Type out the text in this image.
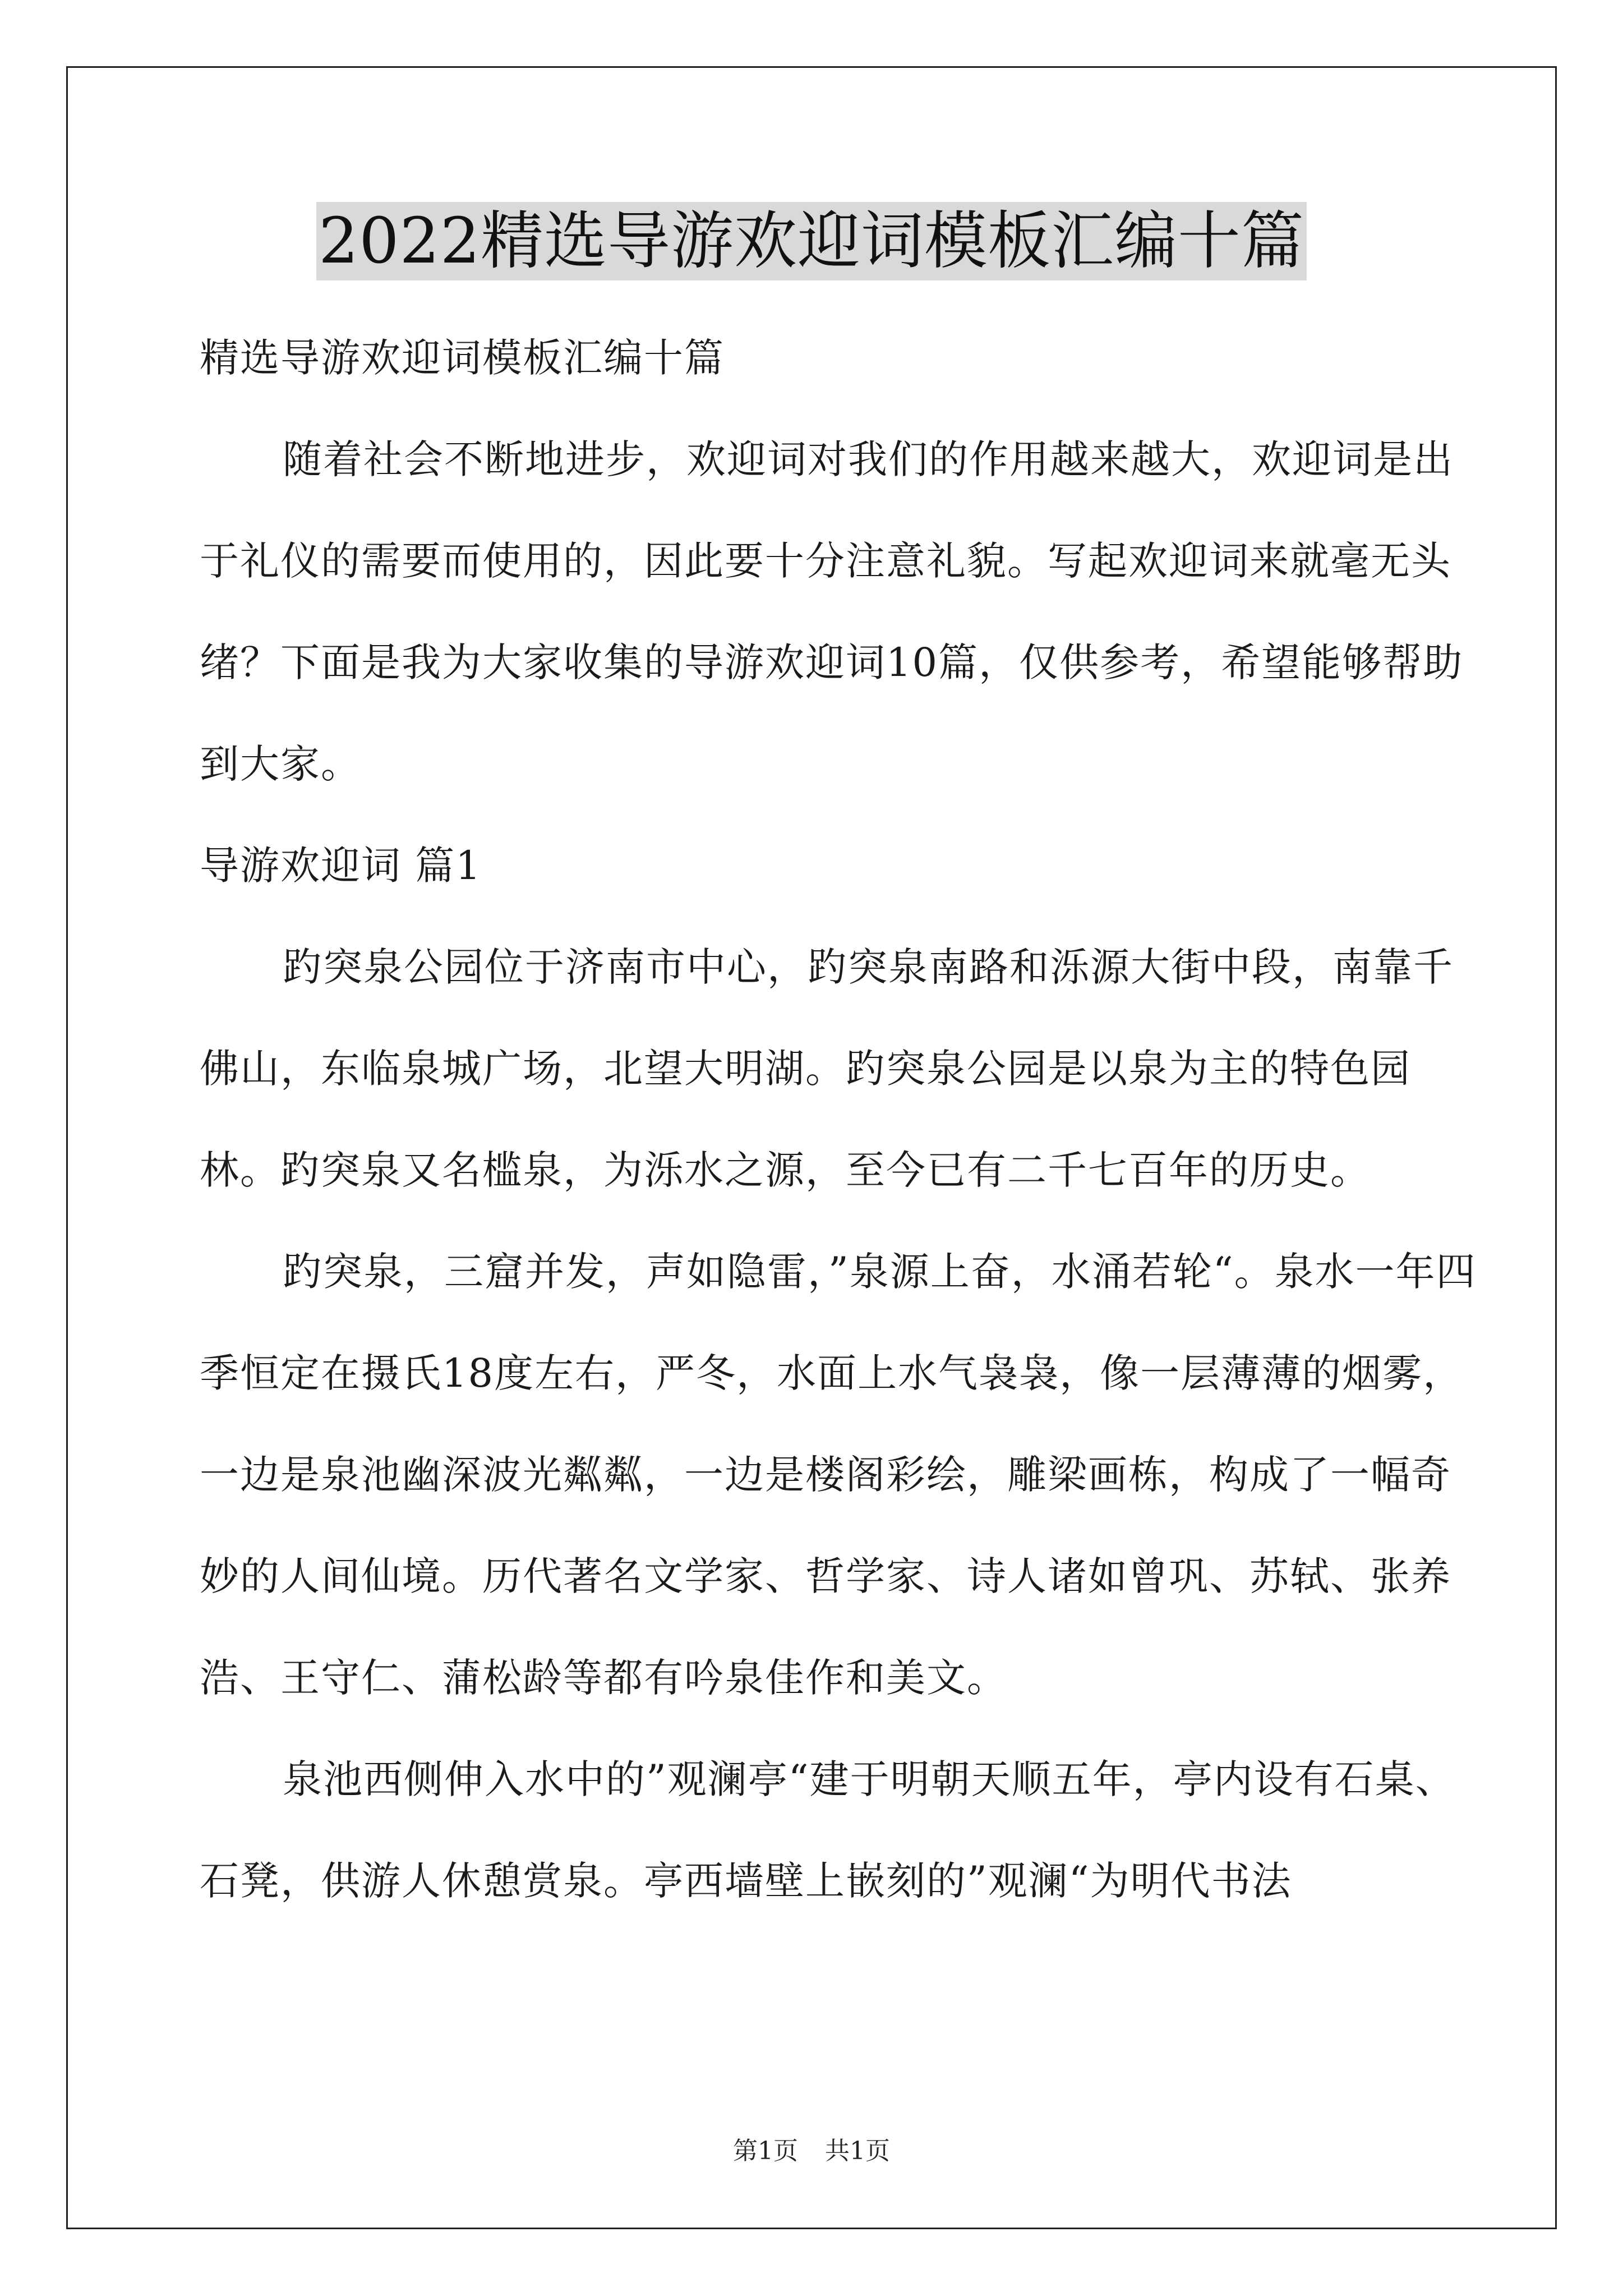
2022精选导游欢迎词模板汇编十篇

精选导游欢迎词模板汇编十篇

随着社会不断地进步，欢迎词对我们的作用越来越大，欢迎词是出于礼仪的需要而使用的，因此要十分注意礼貌。写起欢迎词来就毫无头绪？下面是我为大家收集的导游欢迎词10篇，仅供参考，希望能够帮助到大家。

导游欢迎词 篇1

趵突泉公园位于济南市中心，趵突泉南路和泺源大街中段，南靠千佛山，东临泉城广场，北望大明湖。趵突泉公园是以泉为主的特色园林。趵突泉又名槛泉，为泺水之源，至今已有二千七百年的历史。

趵突泉，三窟并发，声如隐雷，”泉源上奋，水涌若轮“。泉水一年四季恒定在摄氏18度左右，严冬，水面上水气袅袅，像一层薄薄的烟雾，一边是泉池幽深波光粼粼，一边是楼阁彩绘，雕梁画栋，构成了一幅奇妙的人间仙境。历代著名文学家、哲学家、诗人诸如曾巩、苏轼、张养浩、王守仁、蒲松龄等都有吟泉佳作和美文。

泉池西侧伸入水中的”观澜亭“建于明朝天顺五年，亭内设有石桌、石凳，供游人休憩赏泉。亭西墙壁上嵌刻的”观澜“为明代书法

第1页 共1页
